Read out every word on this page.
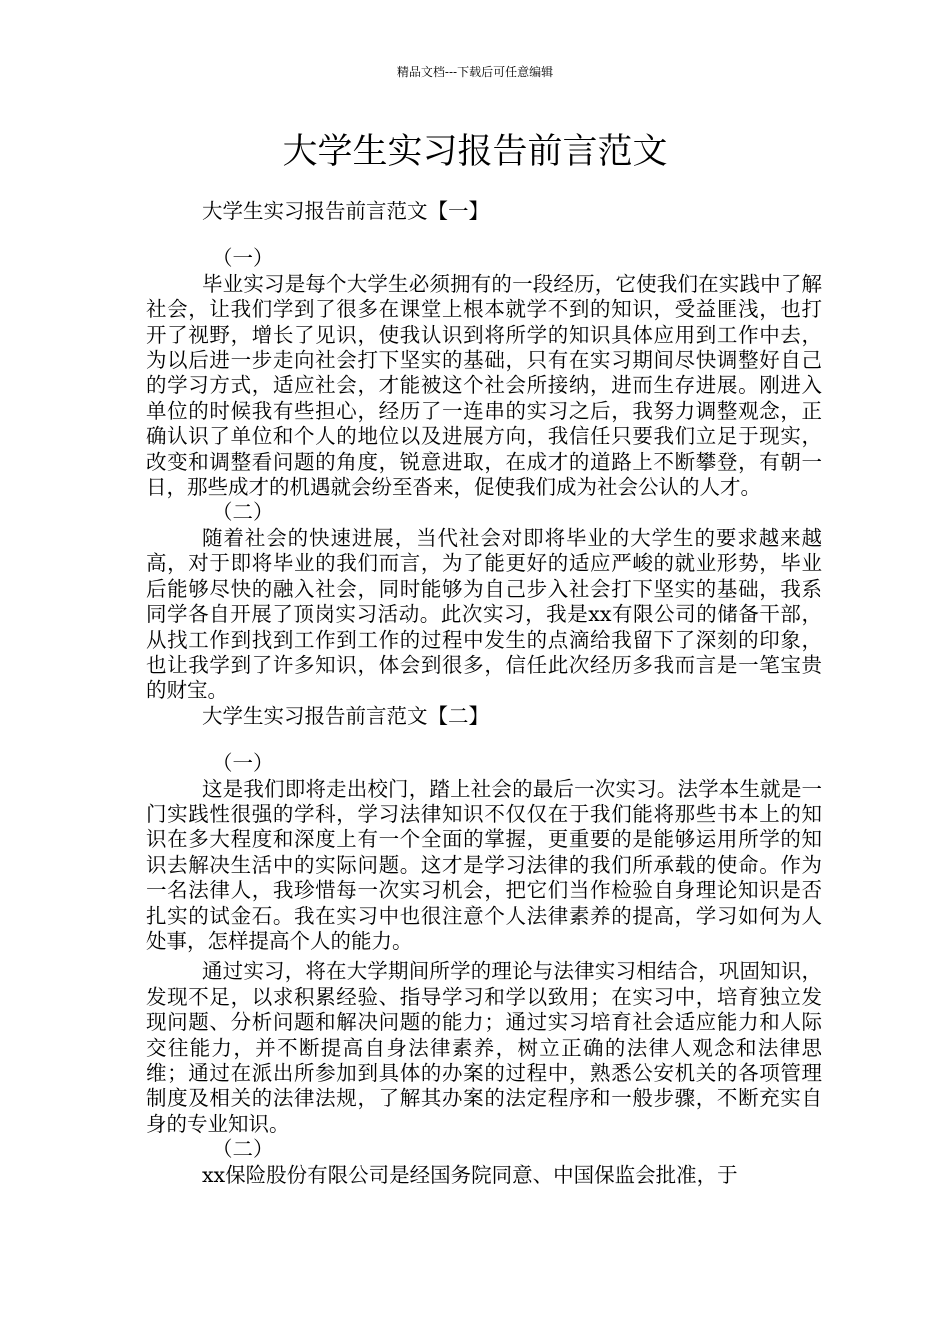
精品文档---下载后可任意编辑
大学生实习报告前言范文

大学生实习报告前言范文【一】

（一）

毕业实习是每个大学生必须拥有的一段经历，它使我们在实践中了解社会，让我们学到了很多在课堂上根本就学不到的知识，受益匪浅，也打开了视野，增长了见识，使我认识到将所学的知识具体应用到工作中去，为以后进一步走向社会打下坚实的基础，只有在实习期间尽快调整好自己的学习方式，适应社会，才能被这个社会所接纳，进而生存进展。刚进入单位的时候我有些担心，经历了一连串的实习之后，我努力调整观念，正确认识了单位和个人的地位以及进展方向，我信任只要我们立足于现实，改变和调整看问题的角度，锐意进取，在成才的道路上不断攀登，有朝一日，那些成才的机遇就会纷至沓来，促使我们成为社会公认的人才。

（二）

随着社会的快速进展，当代社会对即将毕业的大学生的要求越来越高，对于即将毕业的我们而言，为了能更好的适应严峻的就业形势，毕业后能够尽快的融入社会，同时能够为自己步入社会打下坚实的基础，我系同学各自开展了顶岗实习活动。此次实习，我是xx有限公司的储备干部，从找工作到找到工作到工作的过程中发生的点滴给我留下了深刻的印象，也让我学到了许多知识，体会到很多，信任此次经历多我而言是一笔宝贵的财宝。

大学生实习报告前言范文【二】

（一）

这是我们即将走出校门，踏上社会的最后一次实习。法学本生就是一门实践性很强的学科，学习法律知识不仅仅在于我们能将那些书本上的知识在多大程度和深度上有一个全面的掌握，更重要的是能够运用所学的知识去解决生活中的实际问题。这才是学习法律的我们所承载的使命。作为一名法律人，我珍惜每一次实习机会，把它们当作检验自身理论知识是否扎实的试金石。我在实习中也很注意个人法律素养的提高，学习如何为人处事，怎样提高个人的能力。

通过实习，将在大学期间所学的理论与法律实习相结合，巩固知识，发现不足，以求积累经验、指导学习和学以致用；在实习中，培育独立发现问题、分析问题和解决问题的能力；通过实习培育社会适应能力和人际交往能力，并不断提高自身法律素养，树立正确的法律人观念和法律思维；通过在派出所参加到具体的办案的过程中，熟悉公安机关的各项管理制度及相关的法律法规，了解其办案的法定程序和一般步骤，不断充实自身的专业知识。

（二）

xx保险股份有限公司是经国务院同意、中国保监会批准，于
